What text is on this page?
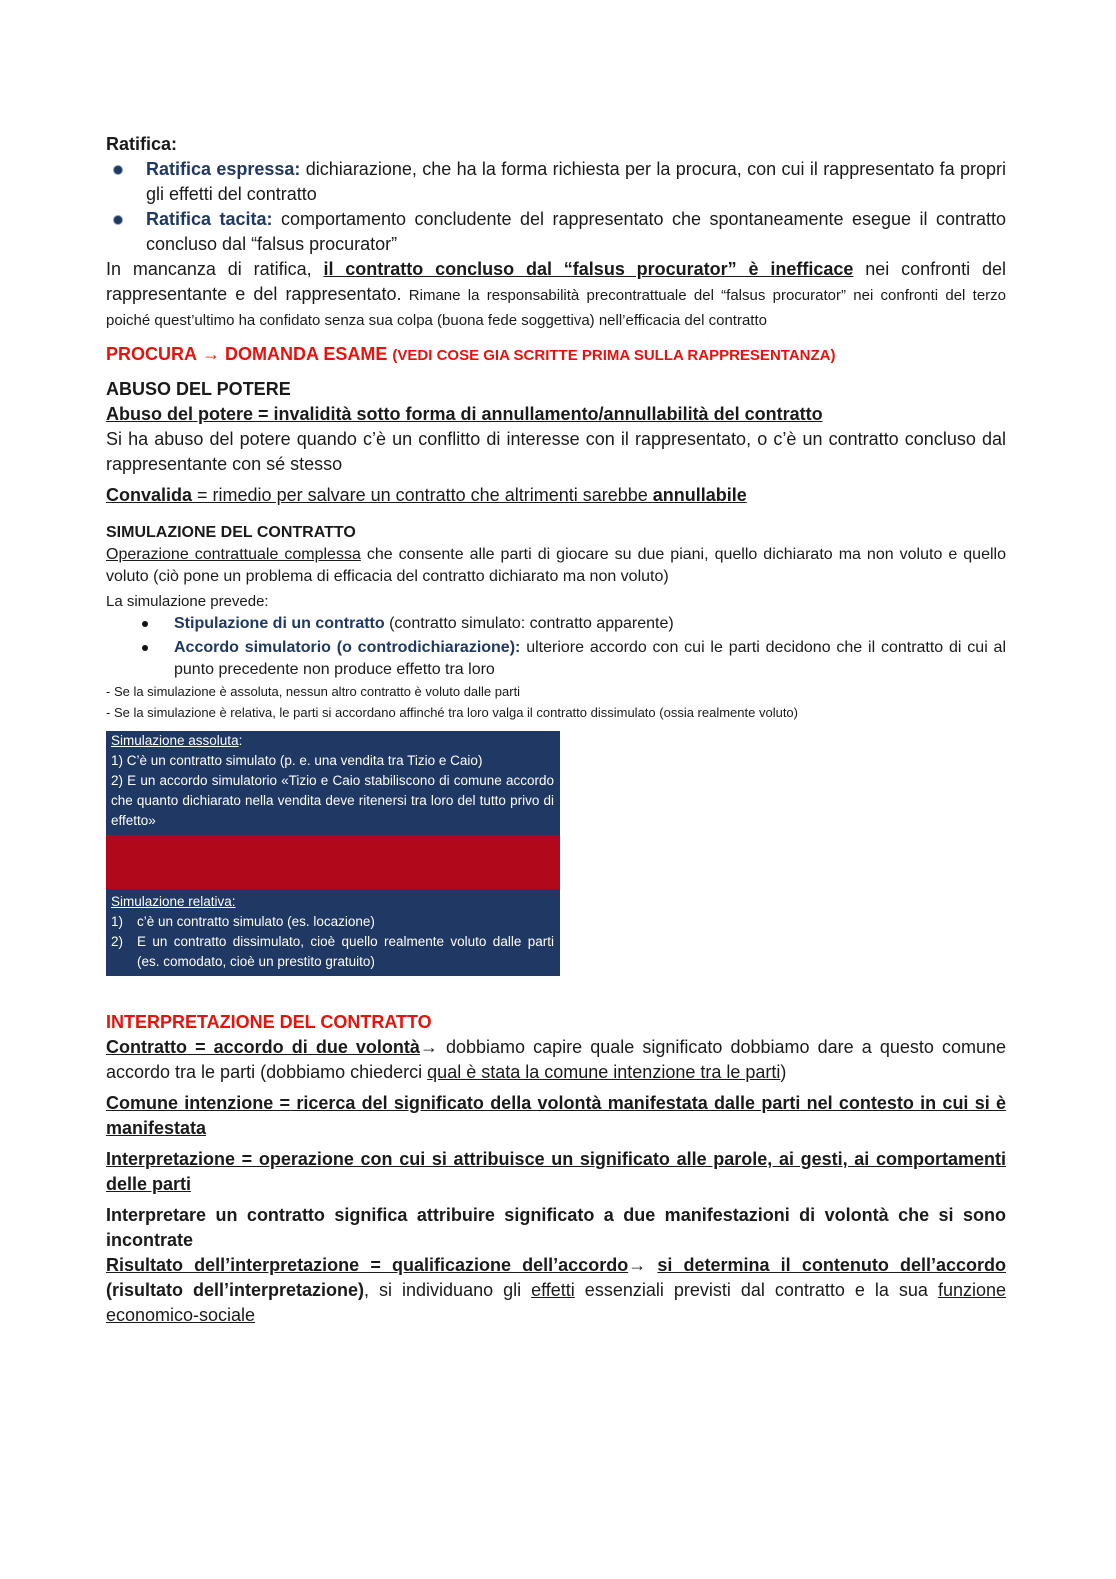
Ratifica:
Ratifica espressa: dichiarazione, che ha la forma richiesta per la procura, con cui il rappresentato fa propri gli effetti del contratto
Ratifica tacita: comportamento concludente del rappresentato che spontaneamente esegue il contratto concluso dal “falsus procurator”
In mancanza di ratifica, il contratto concluso dal “falsus procurator” è inefficace nei confronti del rappresentante e del rappresentato. Rimane la responsabilità precontrattuale del “falsus procurator” nei confronti del terzo poiché quest’ultimo ha confidato senza sua colpa (buona fede soggettiva) nell’efficacia del contratto
PROCURA → DOMANDA ESAME (VEDI COSE GIA SCRITTE PRIMA SULLA RAPPRESENTANZA)
ABUSO DEL POTERE
Abuso del potere = invalidità sotto forma di annullamento/annullabilità del contratto
Si ha abuso del potere quando c’è un conflitto di interesse con il rappresentato, o c’è un contratto concluso dal rappresentante con sé stesso
Convalida = rimedio per salvare un contratto che altrimenti sarebbe annullabile
SIMULAZIONE DEL CONTRATTO
Operazione contrattuale complessa che consente alle parti di giocare su due piani, quello dichiarato ma non voluto e quello voluto (ciò pone un problema di efficacia del contratto dichiarato ma non voluto)
La simulazione prevede:
Stipulazione di un contratto (contratto simulato: contratto apparente)
Accordo simulatorio (o controdichiarazione): ulteriore accordo con cui le parti decidono che il contratto di cui al punto precedente non produce effetto tra loro
- Se la simulazione è assoluta, nessun altro contratto è voluto dalle parti
- Se la simulazione è relativa, le parti si accordano affinché tra loro valga il contratto dissimulato (ossia realmente voluto)
Simulazione assoluta:
1) C’è un contratto simulato (p. e. una vendita tra Tizio e Caio)
2) E un accordo simulatorio «Tizio e Caio stabiliscono di comune accordo che quanto dichiarato nella vendita deve ritenersi tra loro del tutto privo di effetto»
Simulazione relativa:
1)	c’è un contratto simulato (es. locazione)
2)	E un contratto dissimulato, cioè quello realmente voluto dalle parti (es. comodato, cioè un prestito gratuito)
INTERPRETAZIONE DEL CONTRATTO
Contratto = accordo di due volontà→ dobbiamo capire quale significato dobbiamo dare a questo comune accordo tra le parti (dobbiamo chiederci qual è stata la comune intenzione tra le parti)
Comune intenzione = ricerca del significato della volontà manifestata dalle parti nel contesto in cui si è manifestata
Interpretazione = operazione con cui si attribuisce un significato alle parole, ai gesti, ai comportamenti delle parti
Interpretare un contratto significa attribuire significato a due manifestazioni di volontà che si sono incontrate
Risultato dell’interpretazione = qualificazione dell’accordo→ si determina il contenuto dell’accordo (risultato dell’interpretazione), si individuano gli effetti essenziali previsti dal contratto e la sua funzione economico-sociale
